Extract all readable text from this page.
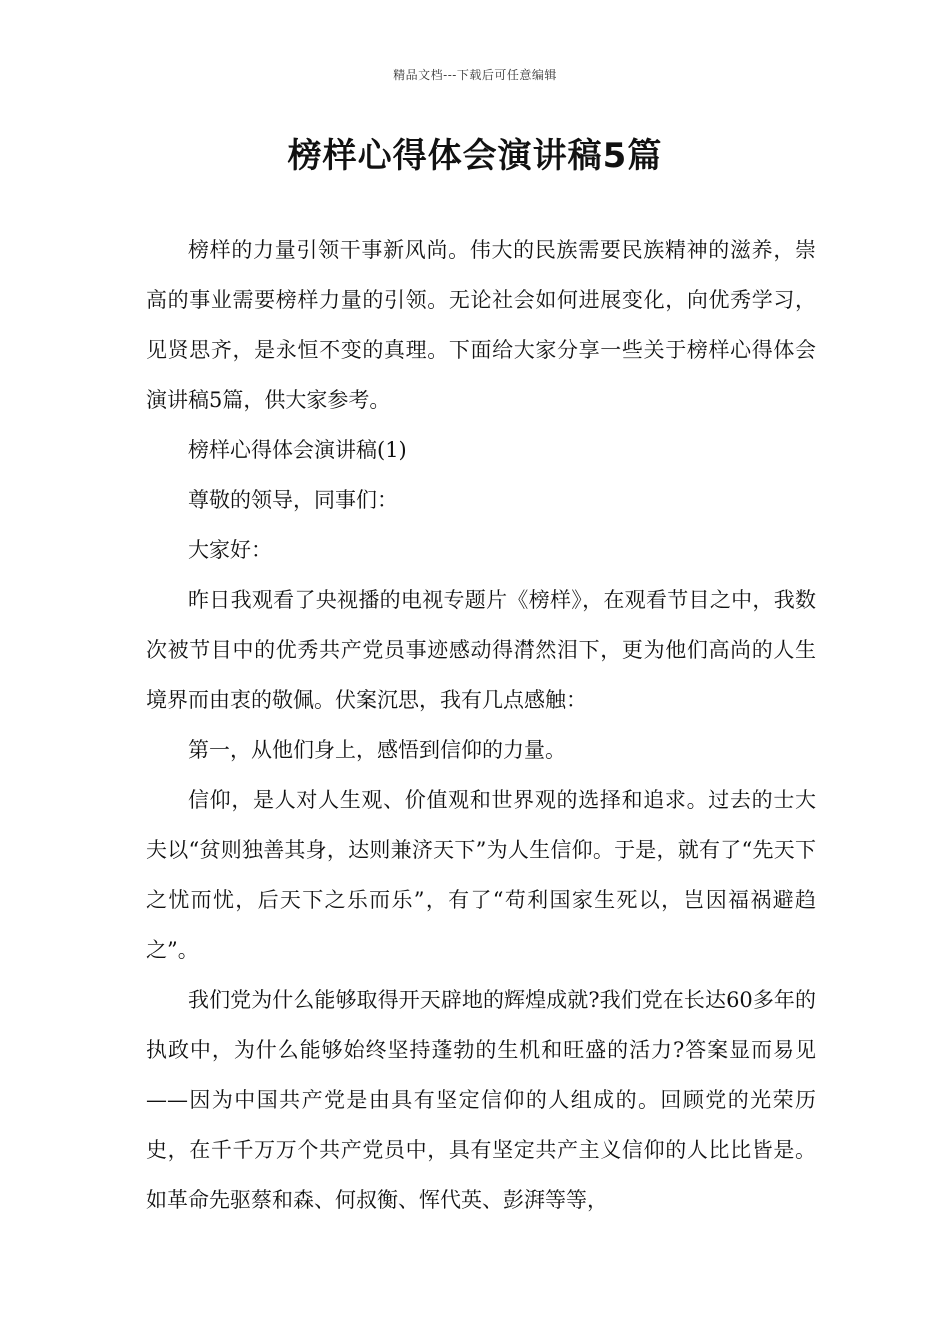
精品文档---下载后可任意编辑
榜样心得体会演讲稿5篇

榜样的力量引领干事新风尚。伟大的民族需要民族精神的滋养，崇高的事业需要榜样力量的引领。无论社会如何进展变化，向优秀学习，见贤思齐，是永恒不变的真理。下面给大家分享一些关于榜样心得体会演讲稿5篇，供大家参考。

榜样心得体会演讲稿(1)

尊敬的领导，同事们：

大家好：

昨日我观看了央视播的电视专题片《榜样》，在观看节目之中，我数次被节目中的优秀共产党员事迹感动得潸然泪下，更为他们高尚的人生境界而由衷的敬佩。伏案沉思，我有几点感触：

第一，从他们身上，感悟到信仰的力量。

信仰，是人对人生观、价值观和世界观的选择和追求。过去的士大夫以“贫则独善其身，达则兼济天下”为人生信仰。于是，就有了“先天下之忧而忧，后天下之乐而乐”，有了“苟利国家生死以，岂因福祸避趋之”。

我们党为什么能够取得开天辟地的辉煌成就?我们党在长达60多年的执政中，为什么能够始终坚持蓬勃的生机和旺盛的活力?答案显而易见——因为中国共产党是由具有坚定信仰的人组成的。回顾党的光荣历史，在千千万万个共产党员中，具有坚定共产主义信仰的人比比皆是。如革命先驱蔡和森、何叔衡、恽代英、彭湃等等，
